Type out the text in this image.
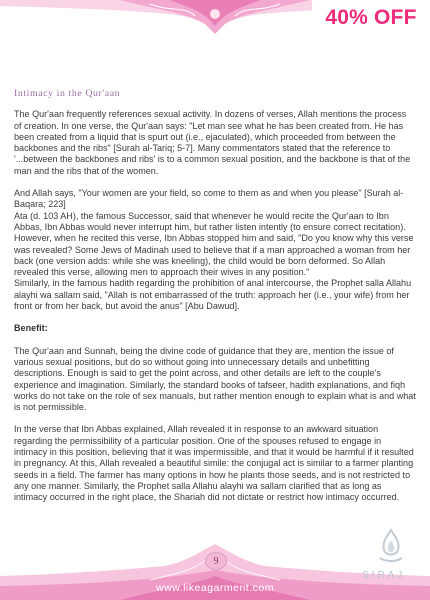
40% OFF
Intimacy in the Qur'aan

The Qur'aan frequently references sexual activity. In dozens of verses, Allah mentions the process of creation. In one verse, the Qur'aan says: "Let man see what he has been created from. He has been created from a liquid that is spurt out (i.e., ejaculated), which proceeded from between the backbones and the ribs" [Surah al-Tariq; 5-7]. Many commentators stated that the reference to '...between the backbones and ribs' is to a common sexual position, and the backbone is that of the man and the ribs that of the women.

And Allah says, "Your women are your field, so come to them as and when you please" [Surah al-Baqara; 223]

Ata (d. 103 AH), the famous Successor, said that whenever he would recite the Qur'aan to Ibn Abbas, Ibn Abbas would never interrupt him, but rather listen intently (to ensure correct recitation). However, when he recited this verse, Ibn Abbas stopped him and said, "Do you know why this verse was revealed? Some Jews of Madinah used to believe that if a man approached a woman from her back (one version adds: while she was kneeling), the child would be born deformed. So Allah revealed this verse, allowing men to approach their wives in any position."

Similarly, in the famous hadith regarding the prohibition of anal intercourse, the Prophet salla Allahu alayhi wa sallam said, "Allah is not embarrassed of the truth: approach her (i.e., your wife) from her front or from her back, but avoid the anus" [Abu Dawud].

Benefit:

The Qur'aan and Sunnah, being the divine code of guidance that they are, mention the issue of various sexual positions, but do so without going into unnecessary details and unbefitting descriptions. Enough is said to get the point across, and other details are left to the couple's experience and imagination. Similarly, the standard books of tafseer, hadith explanations, and fiqh works do not take on the role of sex manuals, but rather mention enough to explain what is and what is not permissible.

In the verse that Ibn Abbas explained, Allah revealed it in response to an awkward situation regarding the permissibility of a particular position. One of the spouses refused to engage in intimacy in this position, believing that it was impermissible, and that it would be harmful if it resulted in pregnancy. At this, Allah revealed a beautiful simile: the conjugal act is similar to a farmer planting seeds in a field. The farmer has many options in how he plants those seeds, and is not restricted to any one manner. Similarly, the Prophet salla Allahu alayhi wa sallam clarified that as long as intimacy occurred in the right place, the Shariah did not dictate or restrict how intimacy occurred.

9
www.likeagarment.com
SIRAJ
